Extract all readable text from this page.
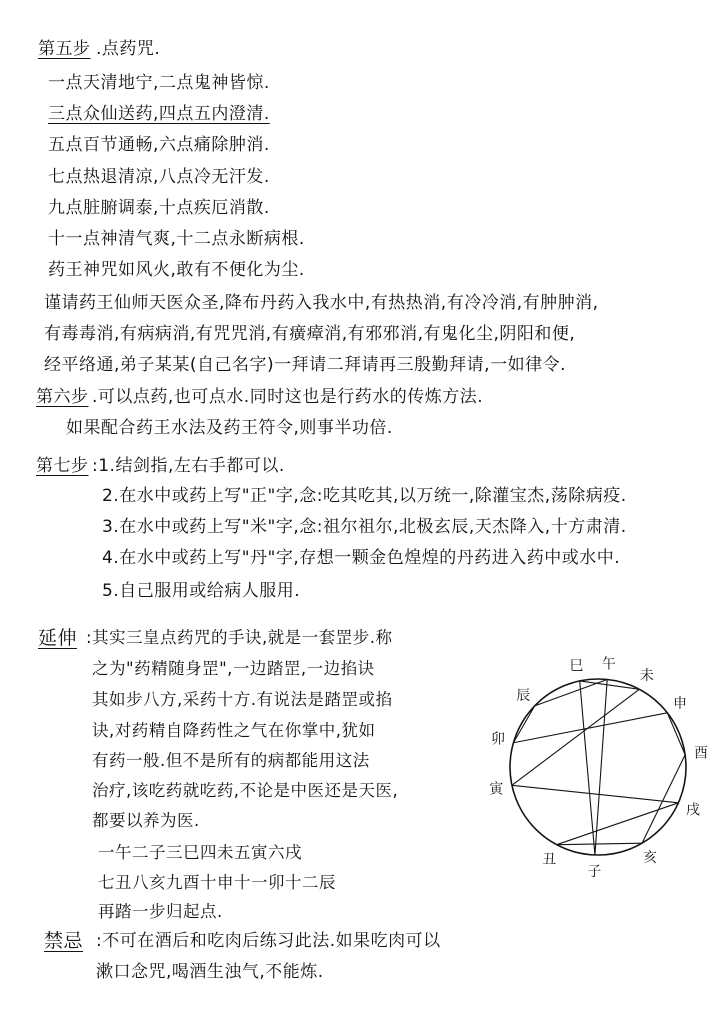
第五步 .点药咒.
一点天清地宁,二点鬼神皆惊.
三点众仙送药,四点五内澄清.
五点百节通畅,六点痛除肿消.
七点热退清凉,八点冷无汗发.
九点脏腑调泰,十点疾厄消散.
十一点神清气爽,十二点永断病根.
药王神咒如风火,敢有不便化为尘.
谨请药王仙师天医众圣,降布丹药入我水中,有热热消,有冷冷消,有肿肿消,
有毒毒消,有病病消,有咒咒消,有癀瘴消,有邪邪消,有鬼化尘,阴阳和便,
经平络通,弟子某某(自己名字)一拜请二拜请再三殷勤拜请,一如律令.
第六步 .可以点药,也可点水.同时这也是行药水的传炼方法.
如果配合药王水法及药王符令,则事半功倍.
第七步 :1.结剑指,左右手都可以.
2.在水中或药上写"正"字,念:吃其吃其,以万统一,除灌宝杰,荡除病疫.
3.在水中或药上写"米"字,念:祖尔祖尔,北极玄辰,天杰降入,十方肃清.
4.在水中或药上写"丹"字,存想一颗金色煌煌的丹药进入药中或水中.
5.自己服用或给病人服用.
延伸 :其实三皇点药咒的手诀,就是一套罡步.称
之为"药精随身罡",一边踏罡,一边掐诀
其如步八方,采药十方.有说法是踏罡或掐
诀,对药精自降药性之气在你掌中,犹如
有药一般.但不是所有的病都能用这法
治疗,该吃药就吃药,不论是中医还是天医,
都要以养为医.
一午二子三巳四未五寅六戌
七丑八亥九酉十申十一卯十二辰
再踏一步归起点.
巳 午
未
申
酉
戌
亥
子
丑
寅
卯
辰
禁忌 :不可在酒后和吃肉后练习此法.如果吃肉可以
漱口念咒,喝酒生浊气,不能炼.
